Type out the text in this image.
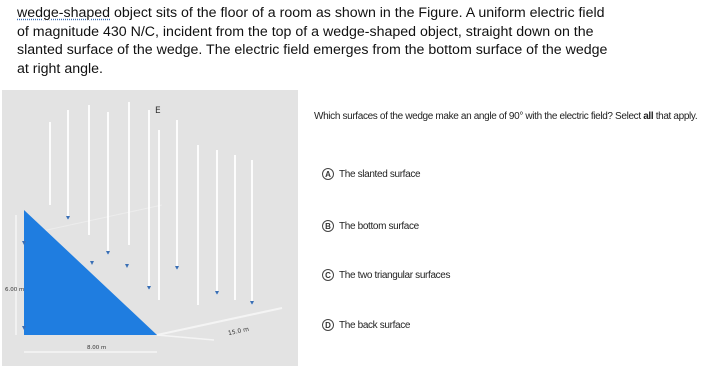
wedge-shaped object sits of the floor of a room as shown in the Figure. A uniform electric field of magnitude 430 N/C, incident from the top of a wedge-shaped object, straight down on the slanted surface of the wedge. The electric field emerges from the bottom surface of the wedge at right angle.

E
6.00 m
8.00 m
15.0 m
Which surfaces of the wedge make an angle of 90° with the electric field? Select all that apply.
A The slanted surface
B The bottom surface
C The two triangular surfaces
D The back surface
